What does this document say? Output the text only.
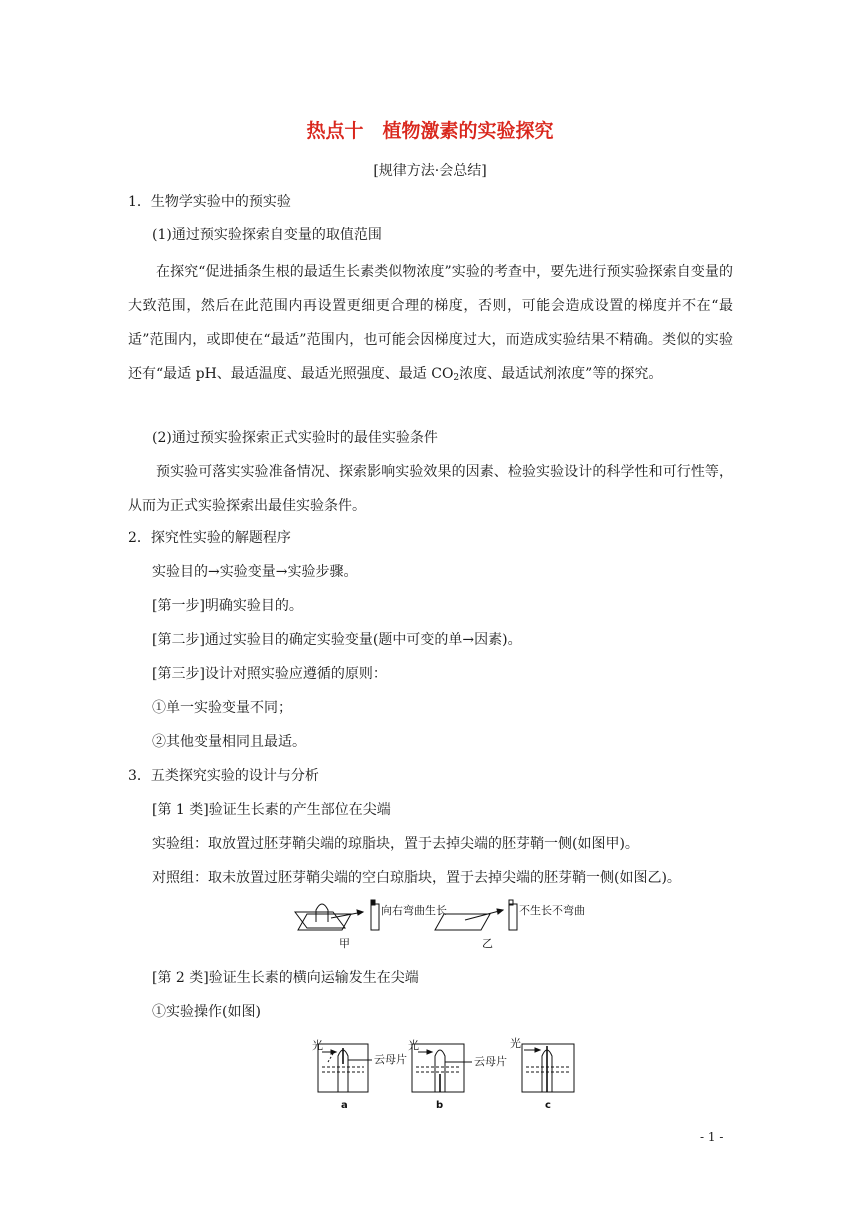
热点十　植物激素的实验探究
[规律方法·会总结]
1．生物学实验中的预实验
(1)通过预实验探索自变量的取值范围
在探究“促进插条生根的最适生长素类似物浓度”实验的考查中，要先进行预实验探索自变量的大致范围，然后在此范围内再设置更细更合理的梯度，否则，可能会造成设置的梯度并不在“最适”范围内，或即使在“最适”范围内，也可能会因梯度过大，而造成实验结果不精确。类似的实验还有“最适 pH、最适温度、最适光照强度、最适 $CO_2$浓度、最适试剂浓度”等的探究。
(2)通过预实验探索正式实验时的最佳实验条件
预实验可落实实验准备情况、探索影响实验效果的因素、检验实验设计的科学性和可行性等，从而为正式实验探索出最佳实验条件。
2．探究性实验的解题程序
实验目的→实验变量→实验步骤。
[第一步]明确实验目的。
[第二步]通过实验目的确定实验变量(题中可变的单→因素)。
[第三步]设计对照实验应遵循的原则：
①单一实验变量不同；
②其他变量相同且最适。
3．五类探究实验的设计与分析
[第 1 类]验证生长素的产生部位在尖端
实验组：取放置过胚芽鞘尖端的琼脂块，置于去掉尖端的胚芽鞘一侧(如图甲)。
对照组：取未放置过胚芽鞘尖端的空白琼脂块，置于去掉尖端的胚芽鞘一侧(如图乙)。
向右弯曲生长	不生长不弯曲
甲	乙
[第 2 类]验证生长素的横向运输发生在尖端
①实验操作(如图)
光
云母片
光
云母片
光
a	b	c
- 1 -
